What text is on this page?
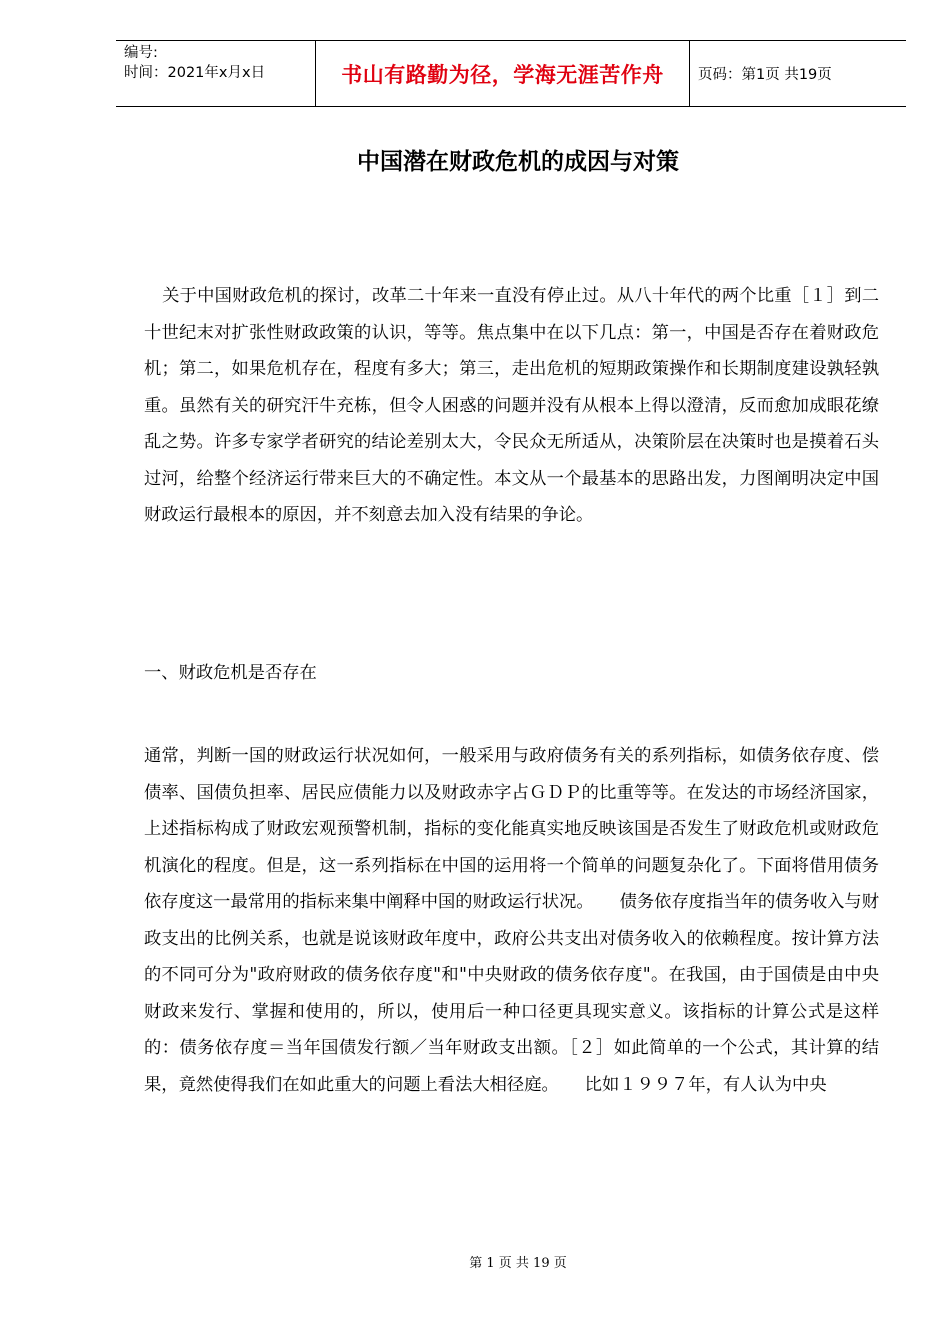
编号:
时间：2021年x月x日	书山有路勤为径，学海无涯苦作舟 页码：第1页 共19页
中国潜在财政危机的成因与对策

关于中国财政危机的探讨，改革二十年来一直没有停止过。从八十年代的两个比重［１］到二十世纪末对扩张性财政政策的认识，等等。焦点集中在以下几点：第一，中国是否存在着财政危机；第二，如果危机存在，程度有多大；第三，走出危机的短期政策操作和长期制度建设孰轻孰重。虽然有关的研究汗牛充栋，但令人困惑的问题并没有从根本上得以澄清，反而愈加成眼花缭乱之势。许多专家学者研究的结论差别太大，令民众无所适从，决策阶层在决策时也是摸着石头过河，给整个经济运行带来巨大的不确定性。本文从一个最基本的思路出发，力图阐明决定中国财政运行最根本的原因，并不刻意去加入没有结果的争论。

一、财政危机是否存在

通常，判断一国的财政运行状况如何，一般采用与政府债务有关的系列指标，如债务依存度、偿债率、国债负担率、居民应债能力以及财政赤字占ＧＤＰ的比重等等。在发达的市场经济国家，上述指标构成了财政宏观预警机制，指标的变化能真实地反映该国是否发生了财政危机或财政危机演化的程度。但是，这一系列指标在中国的运用将一个简单的问题复杂化了。下面将借用债务依存度这一最常用的指标来集中阐释中国的财政运行状况。　　债务依存度指当年的债务收入与财政支出的比例关系，也就是说该财政年度中，政府公共支出对债务收入的依赖程度。按计算方法的不同可分为"政府财政的债务依存度"和"中央财政的债务依存度"。在我国，由于国债是由中央财政来发行、掌握和使用的，所以，使用后一种口径更具现实意义。该指标的计算公式是这样的：债务依存度＝当年国债发行额／当年财政支出额。［２］如此简单的一个公式，其计算的结果，竟然使得我们在如此重大的问题上看法大相径庭。　　比如１９９７年，有人认为中央

第 1 页 共 19 页
